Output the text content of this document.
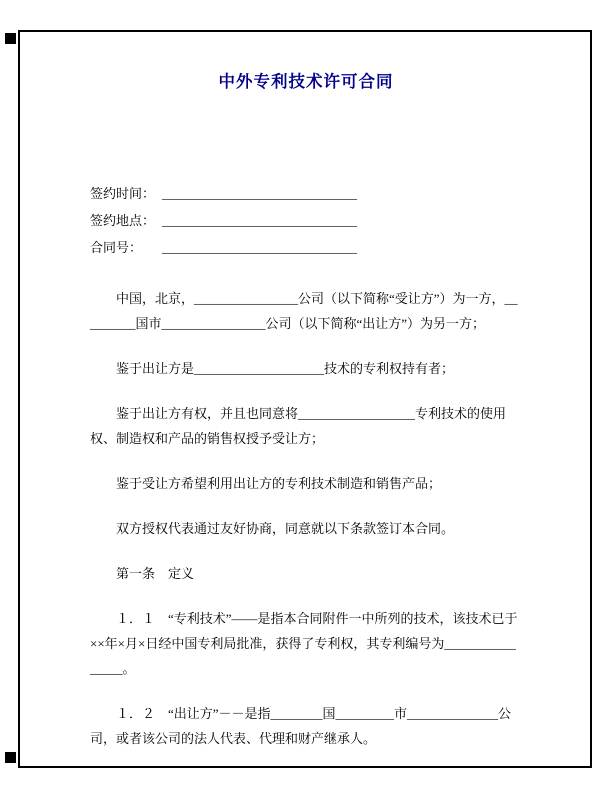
中外专利技术许可合同
签约时间： ______________________________
签约地点： ______________________________
合同号： ______________________________

中国，北京，________________公司（以下简称“受让方”）为一方，_________国市________________公司（以下简称“出让方”）为另一方；

鉴于出让方是____________________技术的专利权持有者；

鉴于出让方有权，并且也同意将__________________专利技术的使用权、制造权和产品的销售权授予受让方；

鉴于受让方希望利用出让方的专利技术制造和销售产品；

双方授权代表通过友好协商，同意就以下条款签订本合同。

第一条　定义

１．１　“专利技术”——是指本合同附件一中所列的技术，该技术已于××年×月×日经中国专利局批准，获得了专利权，其专利编号为________________。

１．２　“出让方”－－是指________国_________市______________公司，或者该公司的法人代表、代理和财产继承人。
